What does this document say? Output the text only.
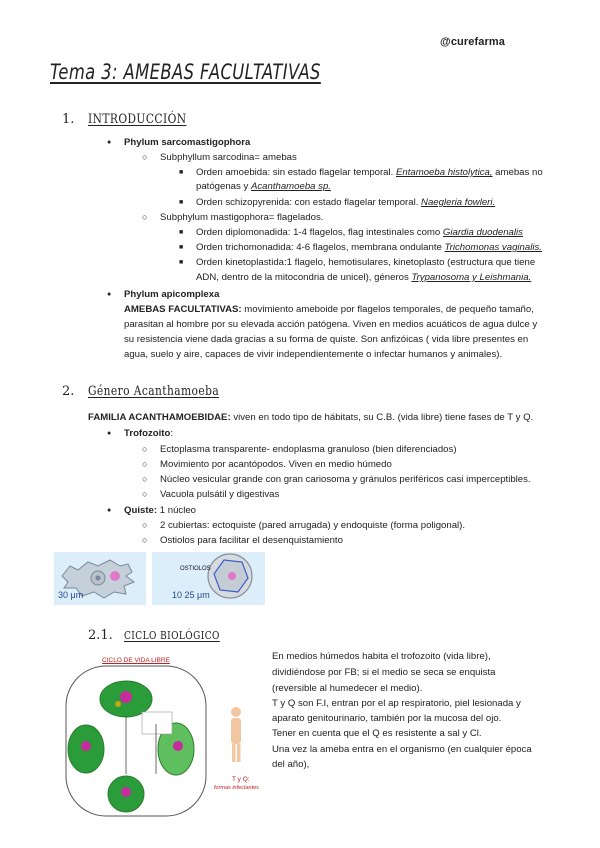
@curefarma
Tema 3: AMEBAS FACULTATIVAS
1. INTRODUCCIÓN
● Phylum sarcomastigophora
○ Subphyllum sarcodina= amebas
■ Orden amoebida: sin estado flagelar temporal. Entamoeba histolytica, amebas no
patógenas y Acanthamoeba sp.
■ Orden schizopyrenida: con estado flagelar temporal. Naegleria fowleri.
○ Subphylum mastigophora= flagelados.
■ Orden diplomonadida: 1-4 flagelos, flag intestinales como Giardia duodenalis
■ Orden trichomonadida: 4-6 flagelos, membrana ondulante Trichomonas vaginalis.
■ Orden kinetoplastida:1 flagelo, hemotisulares, kinetoplasto (estructura que tiene
ADN, dentro de la mitocondria de unicel), géneros Trypanosoma y Leishmania.
● Phylum apicomplexa
AMEBAS FACULTATIVAS: movimiento ameboide por flagelos temporales, de pequeño tamaño,
parasitan al hombre por su elevada acción patógena. Viven en medios acuáticos de agua dulce y
su resistencia viene dada gracias a su forma de quiste. Son anfizóicas ( vida libre presentes en
agua, suelo y aire, capaces de vivir independientemente o infectar humanos y animales).
2. Género Acanthamoeba
FAMILIA ACANTHAMOEBIDAE: viven en todo tipo de hábitats, su C.B. (vida libre) tiene fases de T y Q.
● Trofozoito:
○ Ectoplasma transparente- endoplasma granuloso (bien diferenciados)
○ Movimiento por acantópodos. Viven en medio húmedo
○ Núcleo vesicular grande con gran cariosoma y gránulos periféricos casi imperceptibles.
○ Vacuola pulsátil y digestivas
● Quiste: 1 núcleo
○ 2 cubiertas: ectoquiste (pared arrugada) y endoquiste (forma poligonal).
○ Ostiolos para facilitar el desenquistamiento
30 μm
OSTIOLOS
10 25 μm
2.1. CICLO BIOLÓGICO
CICLO DE VIDA LIBRE
T y Q:
formas infectantes
En medios húmedos habita el trofozoito (vida libre),
dividiéndose por FB; si el medio se seca se enquista
(reversible al humedecer el medio).
T y Q son F.I, entran por el ap respiratorio, piel lesionada y
aparato genitourinario, también por la mucosa del ojo.
Tener en cuenta que el Q es resistente a sal y Cl.
Una vez la ameba entra en el organismo (en cualquier época
del año),
